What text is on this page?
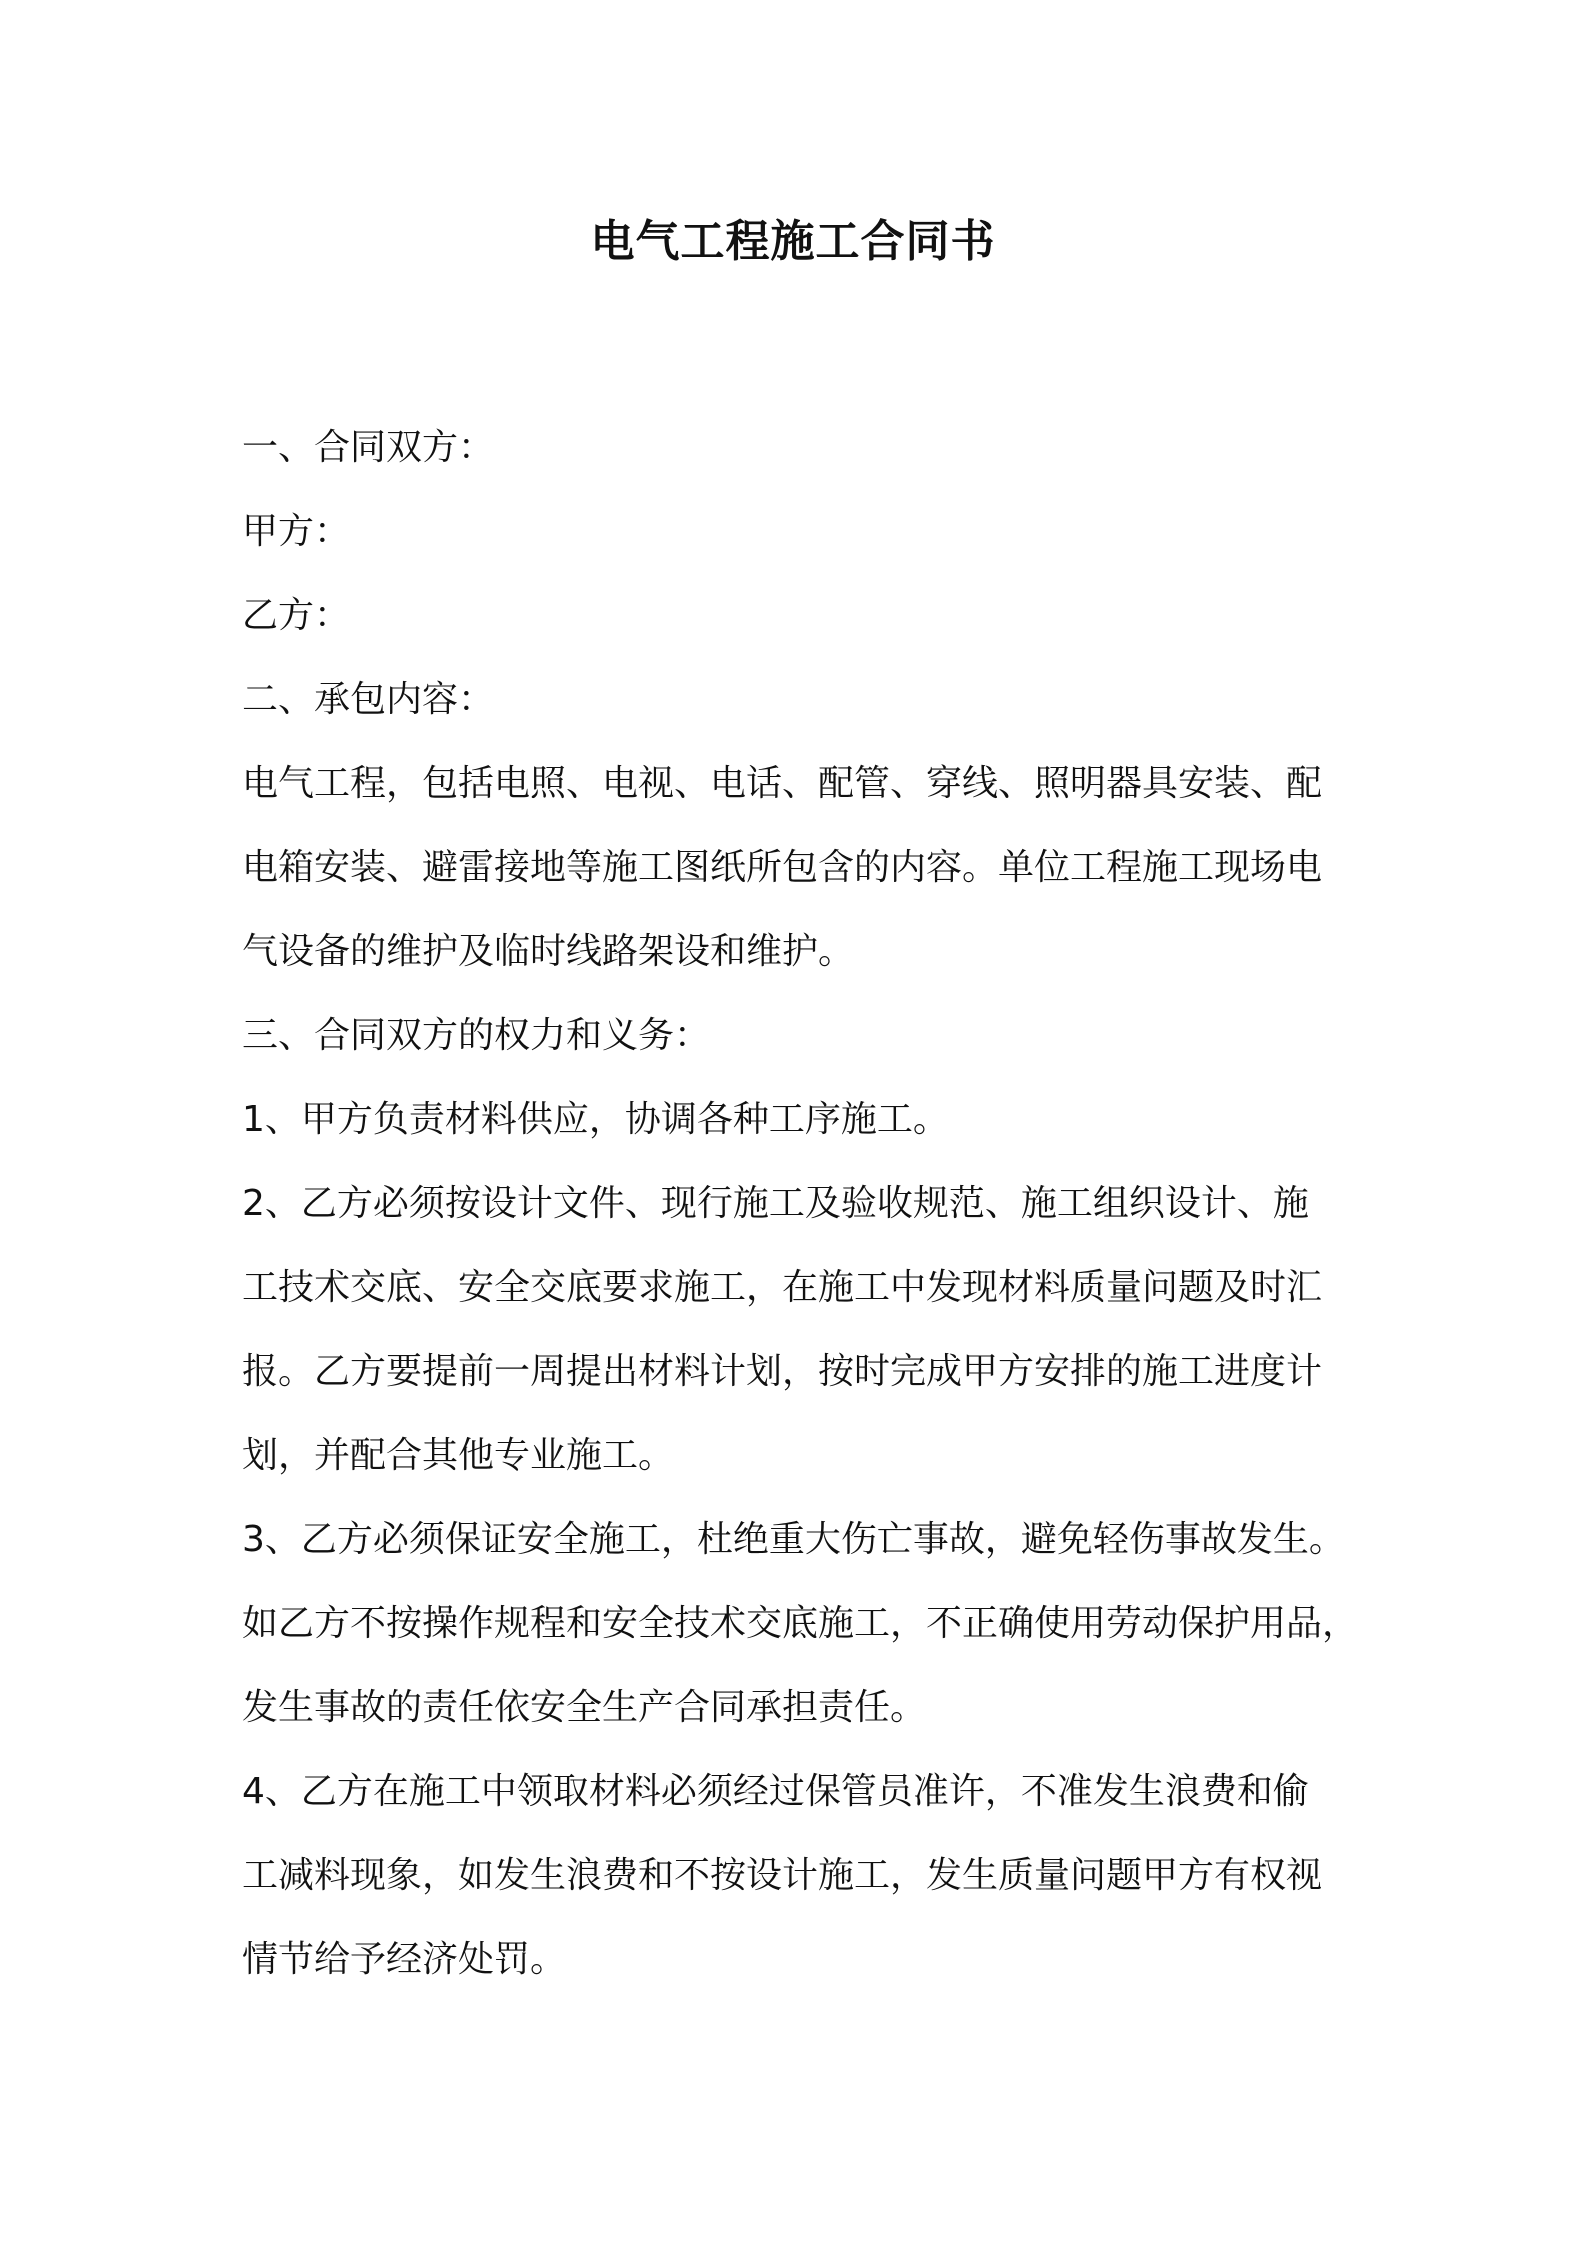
电气工程施工合同书
一、合同双方：
甲方：
乙方：
二、承包内容：
电气工程，包括电照、电视、电话、配管、穿线、照明器具安装、配
电箱安装、避雷接地等施工图纸所包含的内容。单位工程施工现场电
气设备的维护及临时线路架设和维护。
三、合同双方的权力和义务：
1、甲方负责材料供应，协调各种工序施工。
2、乙方必须按设计文件、现行施工及验收规范、施工组织设计、施
工技术交底、安全交底要求施工，在施工中发现材料质量问题及时汇
报。乙方要提前一周提出材料计划，按时完成甲方安排的施工进度计
划，并配合其他专业施工。
3、乙方必须保证安全施工，杜绝重大伤亡事故，避免轻伤事故发生。
如乙方不按操作规程和安全技术交底施工，不正确使用劳动保护用品，
发生事故的责任依安全生产合同承担责任。
4、乙方在施工中领取材料必须经过保管员准许，不准发生浪费和偷
工减料现象，如发生浪费和不按设计施工，发生质量问题甲方有权视
情节给予经济处罚。
